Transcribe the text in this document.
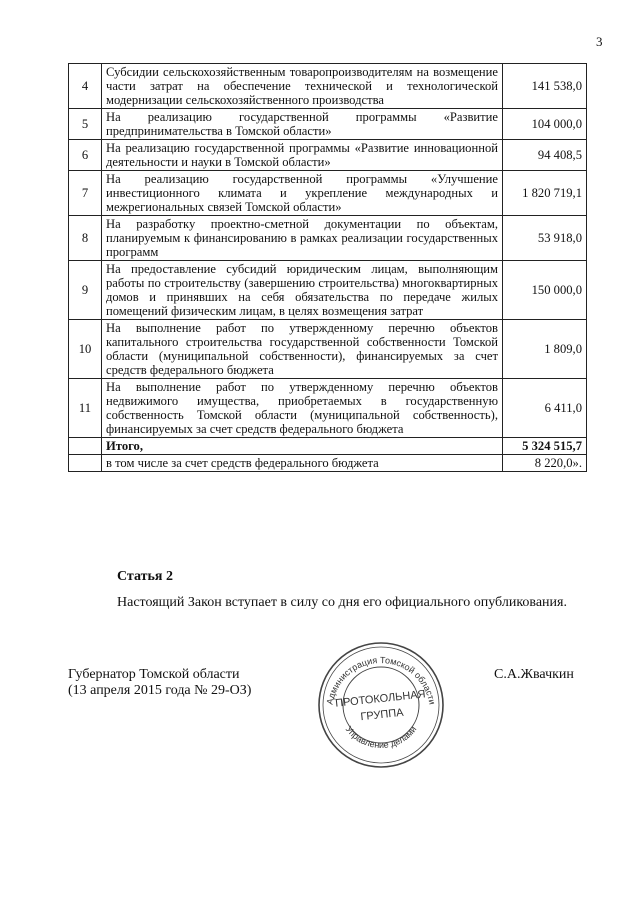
3
4	Субсидии сельскохозяйственным товаропроизводителям на возмещение части затрат на обеспечение технической и технологической модернизации сельскохозяйственного производства	141 538,0
5	На реализацию государственной программы «Развитие предпринимательства в Томской области»	104 000,0
6	На реализацию государственной программы «Развитие инновационной деятельности и науки в Томской области»	94 408,5
7	На реализацию государственной программы «Улучшение инвестиционного климата и укрепление международных и межрегиональных связей Томской области»	1 820 719,1
8	На разработку проектно-сметной документации по объектам, планируемым к финансированию в рамках реализации государственных программ	53 918,0
9	На предоставление субсидий юридическим лицам, выполняющим работы по строительству (завершению строительства) многоквартирных домов и принявших на себя обязательства по передаче жилых помещений физическим лицам, в целях возмещения затрат	150 000,0
10	На выполнение работ по утвержденному перечню объектов капитального строительства государственной собственности Томской области (муниципальной собственности), финансируемых за счет средств федерального бюджета	1 809,0
11	На выполнение работ по утвержденному перечню объектов недвижимого имущества, приобретаемых в государственную собственность Томской области (муниципальной собственность), финансируемых за счет средств федерального бюджета	6 411,0
	Итого,	5 324 515,7
	в том числе за счет средств федерального бюджета	8 220,0».
Статья 2
Настоящий Закон вступает в силу со дня его официального опубликования.
Губернатор Томской области
(13 апреля 2015 года № 29-ОЗ)
С.А.Жвачкин
Администрация Томской области
Управление делами
ПРОТОКОЛЬНАЯ
ГРУППА
